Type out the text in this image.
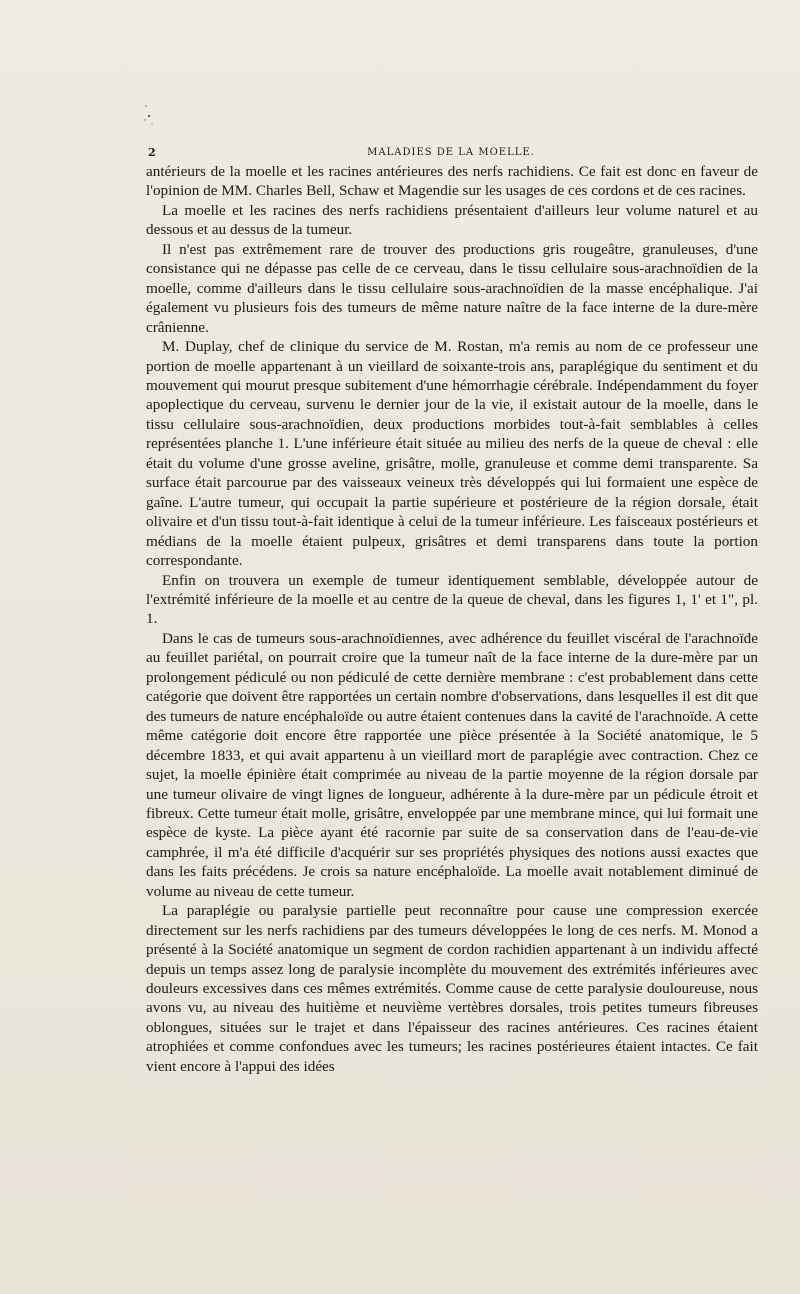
2	MALADIES DE LA MOELLE.

antérieurs de la moelle et les racines antérieures des nerfs rachidiens. Ce fait est donc en faveur de l'opinion de MM. Charles Bell, Schaw et Magendie sur les usages de ces cordons et de ces racines.

La moelle et les racines des nerfs rachidiens présentaient d'ailleurs leur volume naturel et au dessous et au dessus de la tumeur.

Il n'est pas extrêmement rare de trouver des productions gris rougeâtre, granuleuses, d'une consistance qui ne dépasse pas celle de ce cerveau, dans le tissu cellulaire sous-arachnoïdien de la moelle, comme d'ailleurs dans le tissu cellulaire sous-arachnoïdien de la masse encéphalique. J'ai également vu plusieurs fois des tumeurs de même nature naître de la face interne de la dure-mère crânienne.

M. Duplay, chef de clinique du service de M. Rostan, m'a remis au nom de ce professeur une portion de moelle appartenant à un vieillard de soixante-trois ans, paraplégique du sentiment et du mouvement qui mourut presque subitement d'une hémorrhagie cérébrale. Indépendamment du foyer apoplectique du cerveau, survenu le dernier jour de la vie, il existait autour de la moelle, dans le tissu cellulaire sous-arachnoïdien, deux productions morbides tout-à-fait semblables à celles représentées planche 1. L'une inférieure était située au milieu des nerfs de la queue de cheval : elle était du volume d'une grosse aveline, grisâtre, molle, granuleuse et comme demi transparente. Sa surface était parcourue par des vaisseaux veineux très développés qui lui formaient une espèce de gaîne. L'autre tumeur, qui occupait la partie supérieure et postérieure de la région dorsale, était olivaire et d'un tissu tout-à-fait identique à celui de la tumeur inférieure. Les faisceaux postérieurs et médians de la moelle étaient pulpeux, grisâtres et demi transparens dans toute la portion correspondante.

Enfin on trouvera un exemple de tumeur identiquement semblable, développée autour de l'extrémité inférieure de la moelle et au centre de la queue de cheval, dans les figures 1, 1' et 1", pl. 1.

Dans le cas de tumeurs sous-arachnoïdiennes, avec adhérence du feuillet viscéral de l'arachnoïde au feuillet pariétal, on pourrait croire que la tumeur naît de la face interne de la dure-mère par un prolongement pédiculé ou non pédiculé de cette dernière membrane : c'est probablement dans cette catégorie que doivent être rapportées un certain nombre d'observations, dans lesquelles il est dit que des tumeurs de nature encéphaloïde ou autre étaient contenues dans la cavité de l'arachnoïde. A cette même catégorie doit encore être rapportée une pièce présentée à la Société anatomique, le 5 décembre 1833, et qui avait appartenu à un vieillard mort de paraplégie avec contraction. Chez ce sujet, la moelle épinière était comprimée au niveau de la partie moyenne de la région dorsale par une tumeur olivaire de vingt lignes de longueur, adhérente à la dure-mère par un pédicule étroit et fibreux. Cette tumeur était molle, grisâtre, enveloppée par une membrane mince, qui lui formait une espèce de kyste. La pièce ayant été racornie par suite de sa conservation dans de l'eau-de-vie camphrée, il m'a été difficile d'acquérir sur ses propriétés physiques des notions aussi exactes que dans les faits précédens. Je crois sa nature encéphaloïde. La moelle avait notablement diminué de volume au niveau de cette tumeur.

La paraplégie ou paralysie partielle peut reconnaître pour cause une compression exercée directement sur les nerfs rachidiens par des tumeurs développées le long de ces nerfs. M. Monod a présenté à la Société anatomique un segment de cordon rachidien appartenant à un individu affecté depuis un temps assez long de paralysie incomplète du mouvement des extrémités inférieures avec douleurs excessives dans ces mêmes extrémités. Comme cause de cette paralysie douloureuse, nous avons vu, au niveau des huitième et neuvième vertèbres dorsales, trois petites tumeurs fibreuses oblongues, situées sur le trajet et dans l'épaisseur des racines antérieures. Ces racines étaient atrophiées et comme confondues avec les tumeurs; les racines postérieures étaient intactes. Ce fait vient encore à l'appui des idées
